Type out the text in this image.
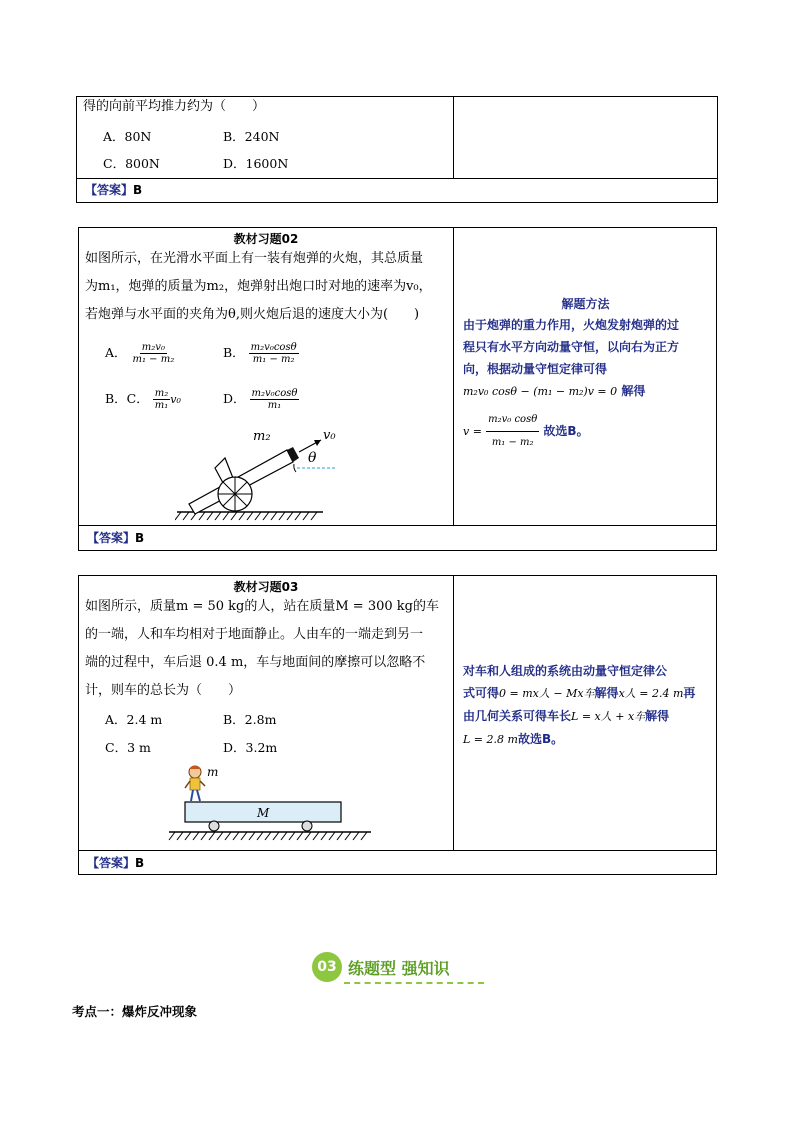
得的向前平均推力约为（　　）
A．80N	B．240N
C．800N	D．1600N
【答案】B
教材习题02
如图所示，在光滑水平面上有一装有炮弹的火炮，其总质量
为m₁，炮弹的质量为m₂，炮弹射出炮口时对地的速率为v₀，
若炮弹与水平面的夹角为θ,则火炮后退的速度大小为(　　)
A． $\frac{\text{m₂v₀}}{\text{m₁ − m₂}}$	B． $\frac{\text{m₂v₀cosθ}}{\text{m₁ − m₂}}$
B．C． $\frac{\text{m₂}}{\text{m₁}} v_0$	D． $\frac{\text{m₂v₀cosθ}}{\text{m₁}}$
m₂	v₀
θ
解题方法
由于炮弹的重力作用，火炮发射炮弹的过
程只有水平方向动量守恒，以向右为正方
向，根据动量守恒定律可得
m₂v₀ cosθ − (m₁ − m₂)v = 0 解得
$v = \frac{\text{m₂v₀ cosθ}}{\text{m₁ − m₂}}$ 故选B。
【答案】B
教材习题03
如图所示，质量m = 50 kg的人，站在质量M = 300 kg的车
的一端，人和车均相对于地面静止。人由车的一端走到另一
端的过程中，车后退 0.4 m，车与地面间的摩擦可以忽略不
计，则车的总长为（　　）
A．2.4 m	B．2.8m
C．3 m	D．3.2m
M
m
对车和人组成的系统由动量守恒定律公
式可得0 = mx人 − Mx车解得x人 = 2.4 m再
由几何关系可得车长L = x人 + x车解得
L = 2.8 m故选B。
【答案】B
03 练题型 强知识
考点一：爆炸反冲现象
